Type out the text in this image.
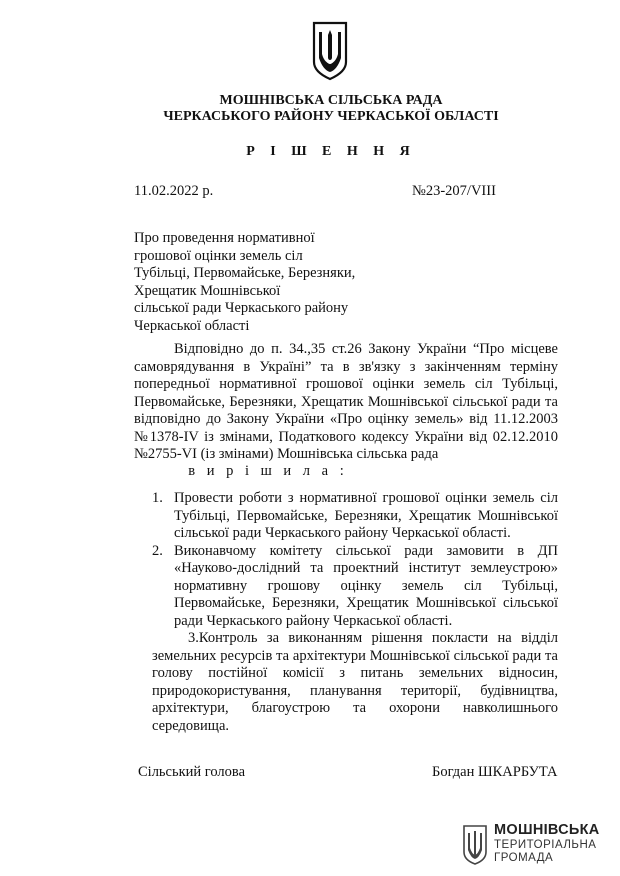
МОШНІВСЬКА СІЛЬСЬКА РАДА
ЧЕРКАСЬКОГО РАЙОНУ ЧЕРКАСЬКОЇ ОБЛАСТІ
Р І Ш Е Н Н Я
11.02.2022 р.	№23-207/VIII
Про проведення нормативної
грошової оцінки земель сіл
Тубільці, Первомайське, Березняки,
Хрещатик Мошнівської
сільської ради Черкаського району
Черкаської області
Відповідно до п. 34.,35 ст.26 Закону України “Про місцеве самоврядування в Україні” та в зв'язку з закінченням терміну попередньої нормативної грошової оцінки земель сіл Тубільці, Первомайське, Березняки, Хрещатик Мошнівської сільської ради та відповідно до Закону України «Про оцінку земель» від 11.12.2003 №1378-IV із змінами, Податкового кодексу України від 02.12.2010 №2755-VI (із змінами) Мошнівська сільська рада
в и р і ш и л а :
1. Провести роботи з нормативної грошової оцінки земель сіл Тубільці, Первомайське, Березняки, Хрещатик Мошнівської сільської ради Черкаського району Черкаської області.
2. Виконавчому комітету сільської ради замовити в ДП «Науково-дослідний та проектний інститут землеустрою» нормативну грошову оцінку земель сіл Тубільці, Первомайське, Березняки, Хрещатик Мошнівської сільської ради Черкаського району Черкаської області.
3.Контроль за виконанням рішення покласти на відділ земельних ресурсів та архітектури Мошнівської сільської ради та голову постійної комісії з питань земельних відносин, природокористування, планування території, будівництва, архітектури, благоустрою та охорони навколишнього середовища.
Сільський голова	Богдан ШКАРБУТА
МОШНІВСЬКА
ТЕРИТОРІАЛЬНА
ГРОМАДА
